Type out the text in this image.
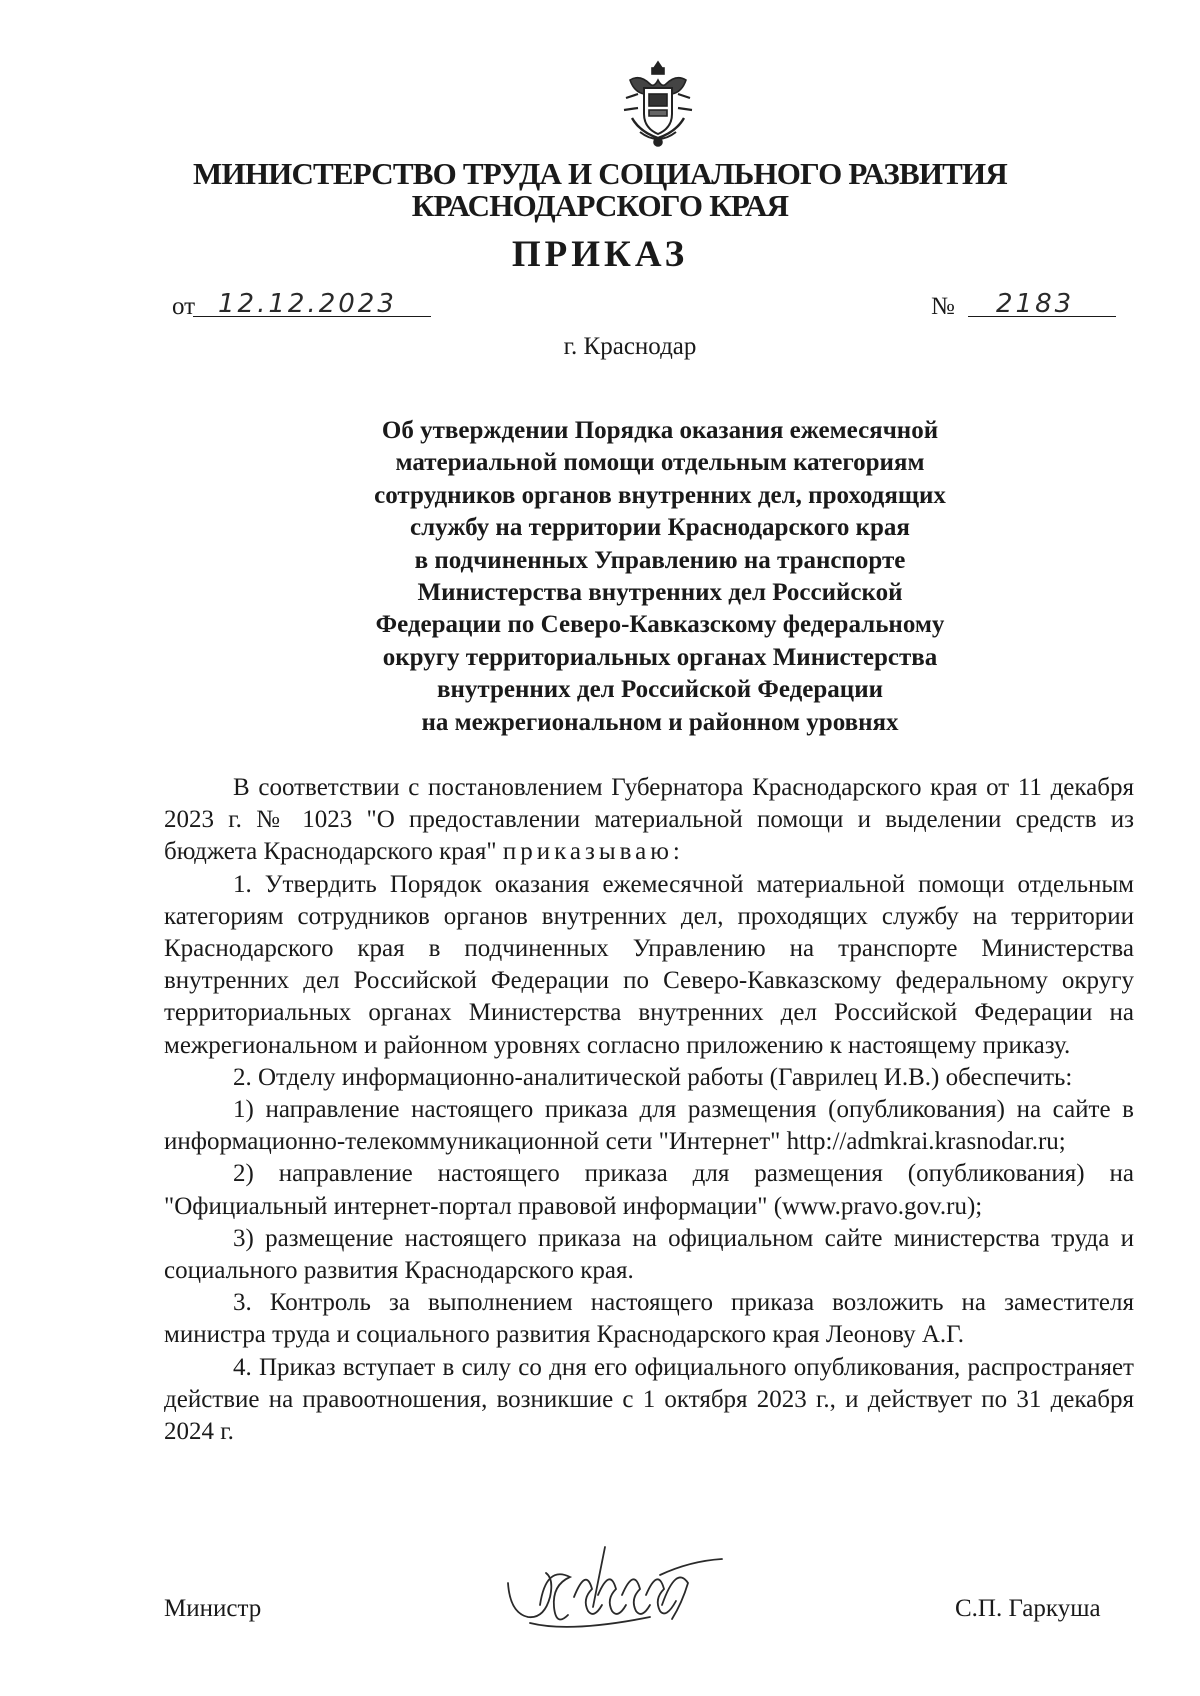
МИНИСТЕРСТВО ТРУДА И СОЦИАЛЬНОГО РАЗВИТИЯ
КРАСНОДАРСКОГО КРАЯ
ПРИКАЗ
от 12.12.2023	№ 2183
г. Краснодар
Об утверждении Порядка оказания ежемесячной
материальной помощи отдельным категориям
сотрудников органов внутренних дел, проходящих
службу на территории Краснодарского края
в подчиненных Управлению на транспорте
Министерства внутренних дел Российской
Федерации по Северо-Кавказскому федеральному
округу территориальных органах Министерства
внутренних дел Российской Федерации
на межрегиональном и районном уровнях

В соответствии с постановлением Губернатора Краснодарского края от 11 декабря 2023 г. № 1023 "О предоставлении материальной помощи и выделении средств из бюджета Краснодарского края" приказываю:

1. Утвердить Порядок оказания ежемесячной материальной помощи отдельным категориям сотрудников органов внутренних дел, проходящих службу на территории Краснодарского края в подчиненных Управлению на транспорте Министерства внутренних дел Российской Федерации по Северо-Кавказскому федеральному округу территориальных органах Министерства внутренних дел Российской Федерации на межрегиональном и районном уровнях согласно приложению к настоящему приказу.

2. Отделу информационно-аналитической работы (Гаврилец И.В.) обеспечить:

1) направление настоящего приказа для размещения (опубликования) на сайте в информационно-телекоммуникационной сети "Интернет" http://admkrai.krasnodar.ru;

2) направление настоящего приказа для размещения (опубликования) на "Официальный интернет-портал правовой информации" (www.pravo.gov.ru);

3) размещение настоящего приказа на официальном сайте министерства труда и социального развития Краснодарского края.

3. Контроль за выполнением настоящего приказа возложить на заместителя министра труда и социального развития Краснодарского края Леонову А.Г.

4. Приказ вступает в силу со дня его официального опубликования, распространяет действие на правоотношения, возникшие с 1 октября 2023 г., и действует по 31 декабря 2024 г.

Министр	С.П. Гаркуша
